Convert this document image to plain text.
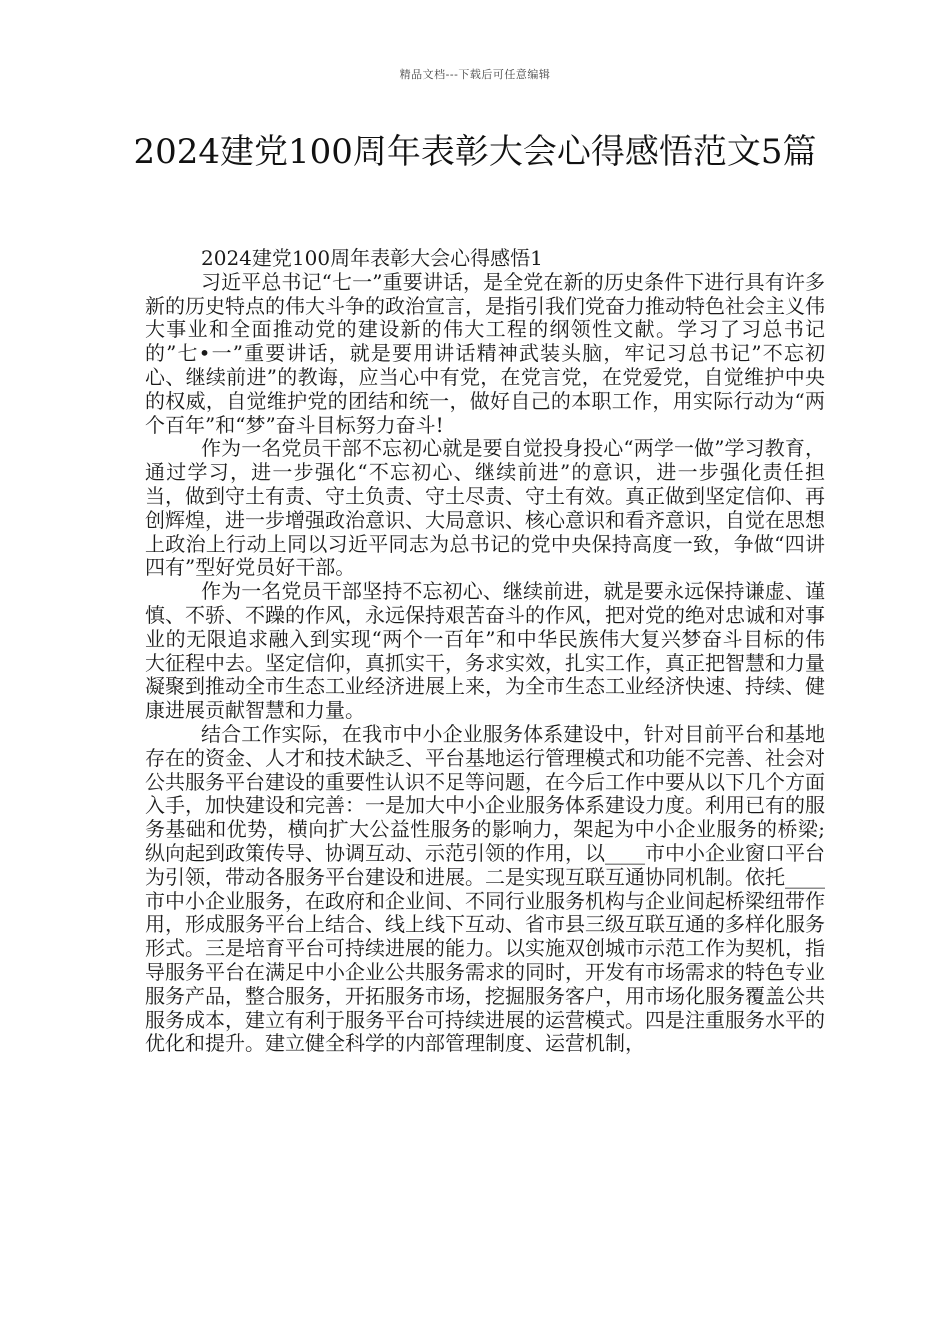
精品文档---下载后可任意编辑
2024建党100周年表彰大会心得感悟范文5篇

2024建党100周年表彰大会心得感悟1

习近平总书记“七一”重要讲话，是全党在新的历史条件下进行具有许多新的历史特点的伟大斗争的政治宣言，是指引我们党奋力推动特色社会主义伟大事业和全面推动党的建设新的伟大工程的纲领性文献。学习了习总书记的”七•一”重要讲话，就是要用讲话精神武装头脑，牢记习总书记”不忘初心、继续前进”的教诲，应当心中有党，在党言党，在党爱党，自觉维护中央的权威，自觉维护党的团结和统一，做好自己的本职工作，用实际行动为“两个百年”和“梦”奋斗目标努力奋斗!

作为一名党员干部不忘初心就是要自觉投身投心“两学一做”学习教育，通过学习，进一步强化“不忘初心、继续前进”的意识，进一步强化责任担当，做到守土有责、守土负责、守土尽责、守土有效。真正做到坚定信仰、再创辉煌，进一步增强政治意识、大局意识、核心意识和看齐意识，自觉在思想上政治上行动上同以习近平同志为总书记的党中央保持高度一致，争做“四讲四有”型好党员好干部。

作为一名党员干部坚持不忘初心、继续前进，就是要永远保持谦虚、谨慎、不骄、不躁的作风，永远保持艰苦奋斗的作风，把对党的绝对忠诚和对事业的无限追求融入到实现“两个一百年”和中华民族伟大复兴梦奋斗目标的伟大征程中去。坚定信仰，真抓实干，务求实效，扎实工作，真正把智慧和力量凝聚到推动全市生态工业经济进展上来，为全市生态工业经济快速、持续、健康进展贡献智慧和力量。

结合工作实际，在我市中小企业服务体系建设中，针对目前平台和基地存在的资金、人才和技术缺乏、平台基地运行管理模式和功能不完善、社会对公共服务平台建设的重要性认识不足等问题，在今后工作中要从以下几个方面入手，加快建设和完善：一是加大中小企业服务体系建设力度。利用已有的服务基础和优势，横向扩大公益性服务的影响力，架起为中小企业服务的桥梁;纵向起到政策传导、协调互动、示范引领的作用，以____市中小企业窗口平台为引领，带动各服务平台建设和进展。二是实现互联互通协同机制。依托____市中小企业服务，在政府和企业间、不同行业服务机构与企业间起桥梁纽带作用，形成服务平台上结合、线上线下互动、省市县三级互联互通的多样化服务形式。三是培育平台可持续进展的能力。以实施双创城市示范工作为契机，指导服务平台在满足中小企业公共服务需求的同时，开发有市场需求的特色专业服务产品，整合服务，开拓服务市场，挖掘服务客户，用市场化服务覆盖公共服务成本，建立有利于服务平台可持续进展的运营模式。四是注重服务水平的优化和提升。建立健全科学的内部管理制度、运营机制，
